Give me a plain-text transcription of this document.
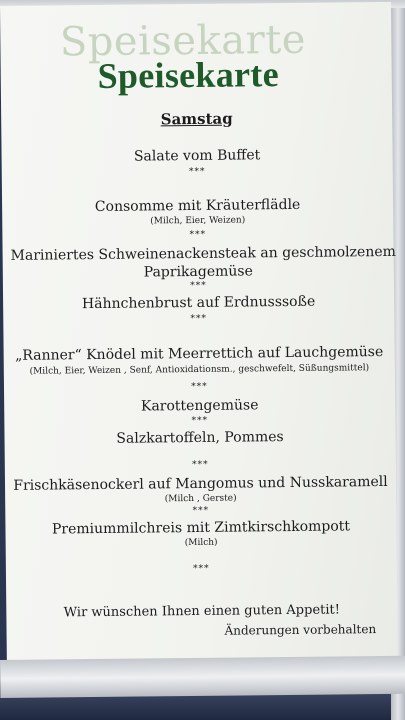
Speisekarte
Speisekarte
Samstag
Salate vom Buffet
***
Consomme mit Kräuterflädle
(Milch, Eier, Weizen)
***
Mariniertes Schweinenackensteak an geschmolzenem
Paprikagemüse
***
Hähnchenbrust auf Erdnusssoße
***
„Ranner“ Knödel mit Meerrettich auf Lauchgemüse
(Milch, Eier, Weizen , Senf, Antioxidationsm., geschwefelt, Süßungsmittel)
***
Karottengemüse
***
Salzkartoffeln, Pommes
***
Frischkäsenockerl auf Mangomus und Nusskaramell
(Milch , Gerste)
***
Premiummilchreis mit Zimtkirschkompott
(Milch)
***
Wir wünschen Ihnen einen guten Appetit!
Änderungen vorbehalten
